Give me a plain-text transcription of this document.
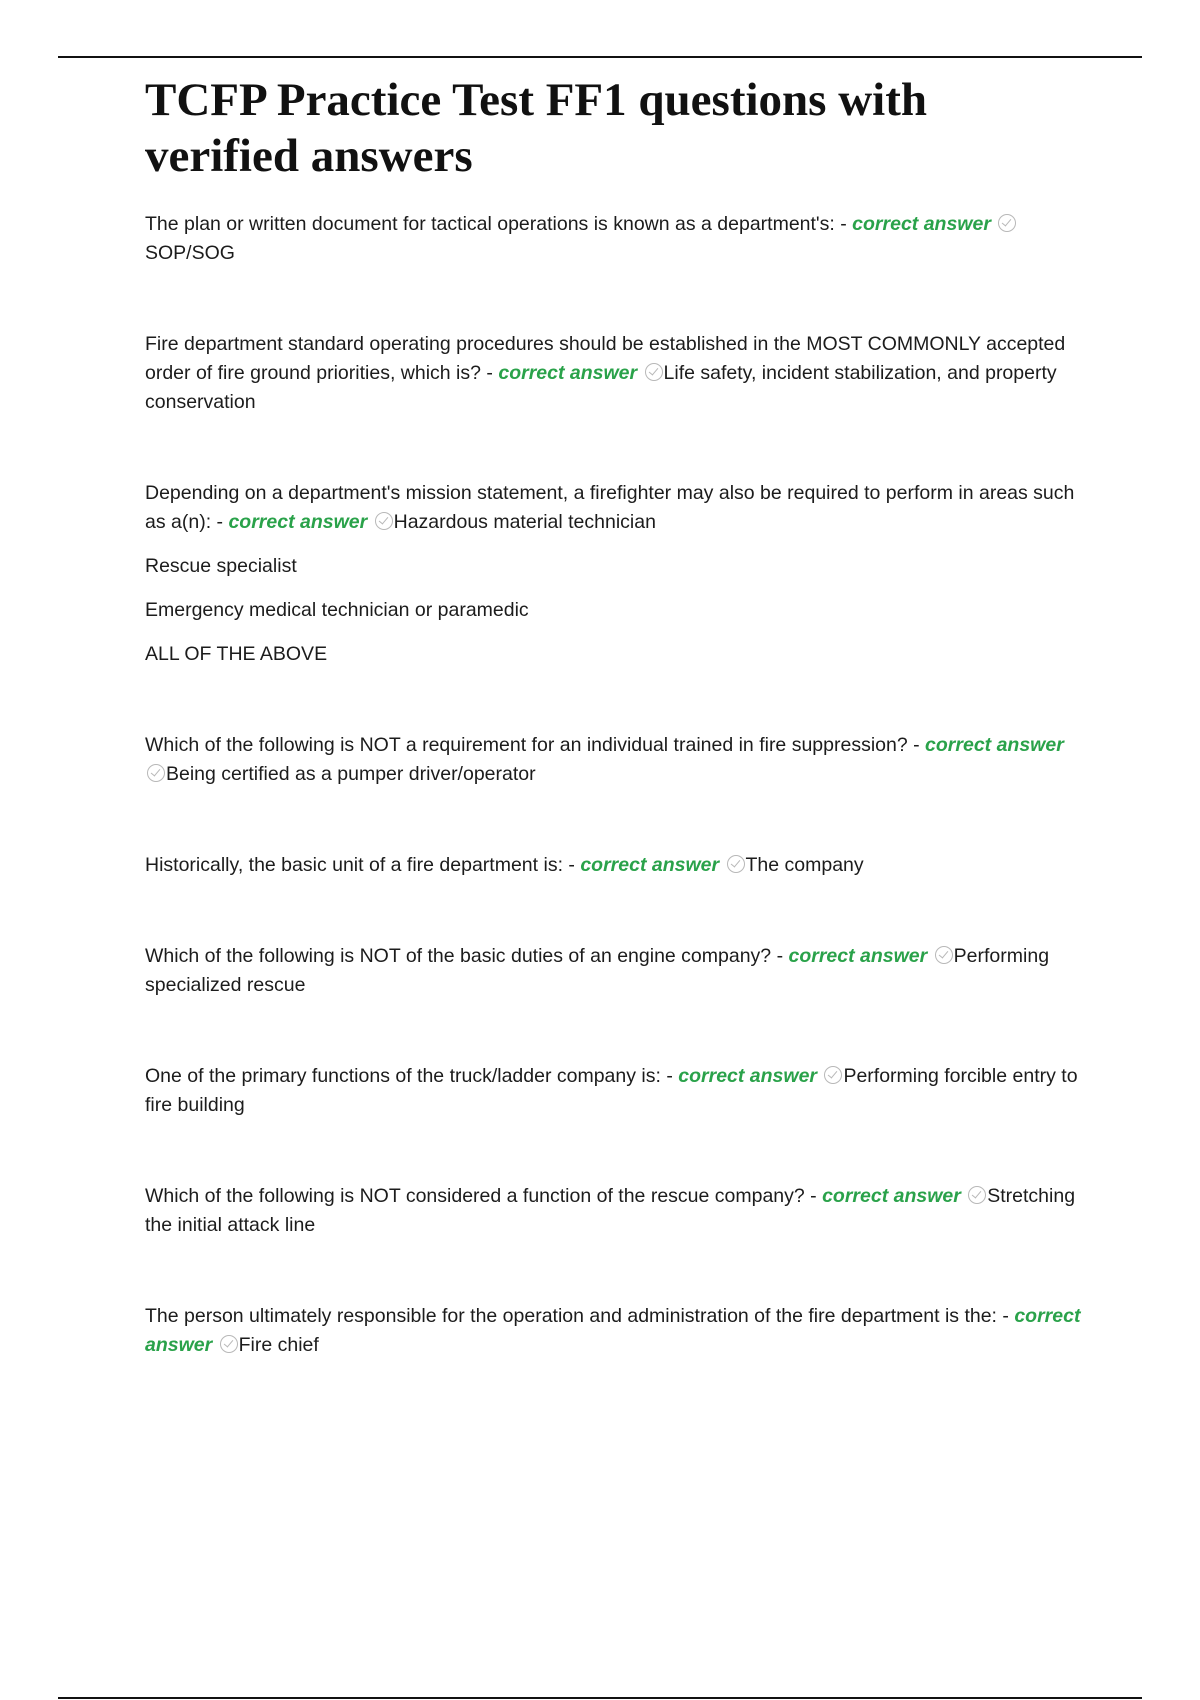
TCFP Practice Test FF1 questions with verified answers

The plan or written document for tactical operations is known as a department's: - correct answer SOP/SOG

Fire department standard operating procedures should be established in the MOST COMMONLY accepted order of fire ground priorities, which is? - correct answer Life safety, incident stabilization, and property conservation

Depending on a department's mission statement, a firefighter may also be required to perform in areas such as a(n): - correct answer Hazardous material technician

Rescue specialist

Emergency medical technician or paramedic

ALL OF THE ABOVE

Which of the following is NOT a requirement for an individual trained in fire suppression? - correct answer Being certified as a pumper driver/operator

Historically, the basic unit of a fire department is: - correct answer The company

Which of the following is NOT of the basic duties of an engine company? - correct answer Performing specialized rescue

One of the primary functions of the truck/ladder company is: - correct answer Performing forcible entry to fire building

Which of the following is NOT considered a function of the rescue company? - correct answer Stretching the initial attack line

The person ultimately responsible for the operation and administration of the fire department is the: - correct answer Fire chief
